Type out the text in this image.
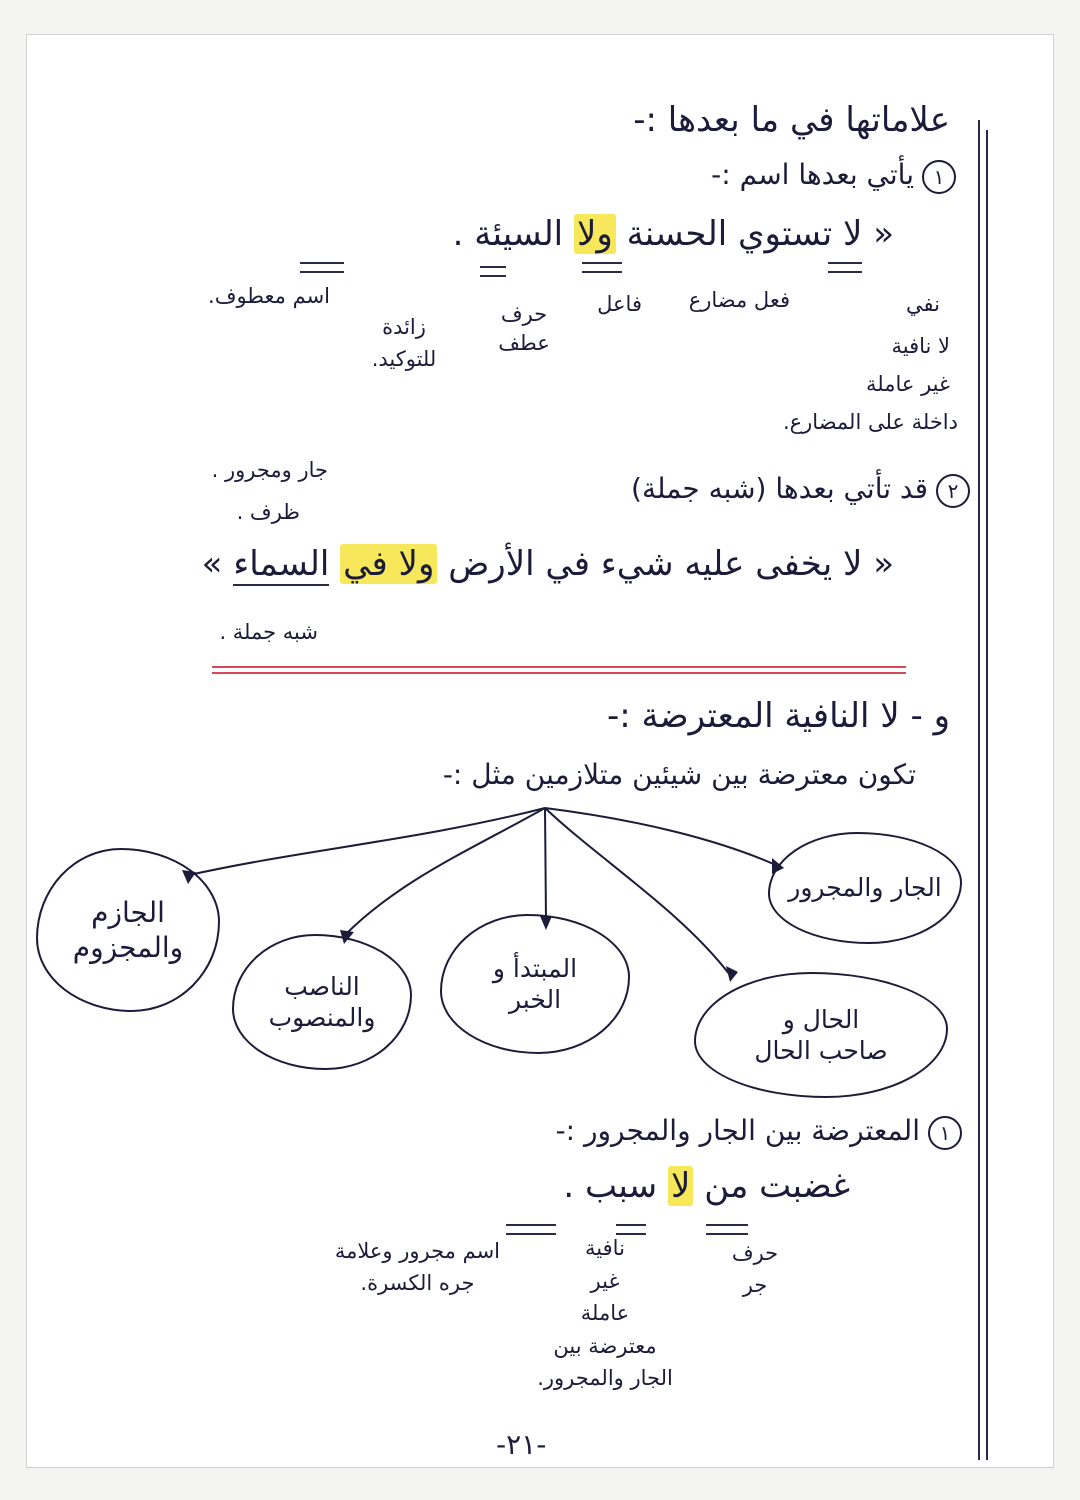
علاماتها في ما بعدها :-
١يأتي بعدها اسم :-
« لا تستوي الحسنة ولا السيئة .
فعل مضارع
فاعل
حرف عطف
زائدة للتوكيد.
اسم معطوف.	نفي
لا نافية
غير عاملة
داخلة على المضارع.
٢قد تأتي بعدها (شبه جملة)
جار ومجرور .
ظرف .
« لا يخفى عليه شيء في الأرض ولا في السماء »
شبه جملة .
و - لا النافية المعترضة :-
تكون معترضة بين شيئين متلازمين مثل :-
الجار والمجرور
الجازم
والمجزوم
الناصب
والمنصوب
المبتدأ و
الخبر
الحال و
صاحب الحال
١المعترضة بين الجار والمجرور :-
غضبت من لا سبب .
حرف جر
نافية
غير
عاملة
معترضة بين
الجار والمجرور.
اسم مجرور وعلامة
جره الكسرة.
-٢١-
